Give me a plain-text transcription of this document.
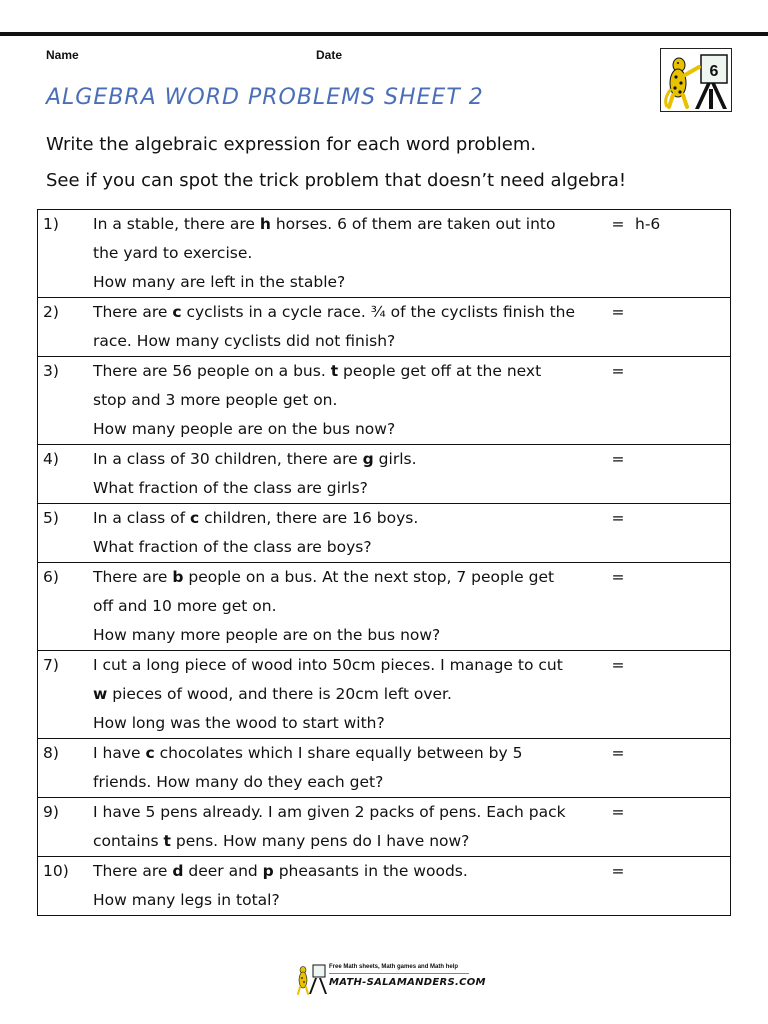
Name	Date
6
ALGEBRA WORD PROBLEMS SHEET 2
Write the algebraic expression for each word problem.
See if you can spot the trick problem that doesn’t need algebra!
1)	In a stable, there are h horses. 6 of them are taken out into
the yard to exercise.
How many are left in the stable?	= h-6
2)	There are c cyclists in a cycle race. ¾ of the cyclists finish the
race. How many cyclists did not finish?	=
3)	There are 56 people on a bus. t people get off at the next
stop and 3 more people get on.
How many people are on the bus now?	=
4)	In a class of 30 children, there are g girls.
What fraction of the class are girls?	=
5)	In a class of c children, there are 16 boys.
What fraction of the class are boys?	=
6)	There are b people on a bus. At the next stop, 7 people get
off and 10 more get on.
How many more people are on the bus now?	=
7)	I cut a long piece of wood into 50cm pieces. I manage to cut
w pieces of wood, and there is 20cm left over.
How long was the wood to start with?	=
8)	I have c chocolates which I share equally between by 5
friends. How many do they each get?	=
9)	I have 5 pens already. I am given 2 packs of pens. Each pack
contains t pens. How many pens do I have now?	=
10)	There are d deer and p pheasants in the woods.
How many legs in total?	=
Free Math sheets, Math games and Math help
MATH-SALAMANDERS.COM
